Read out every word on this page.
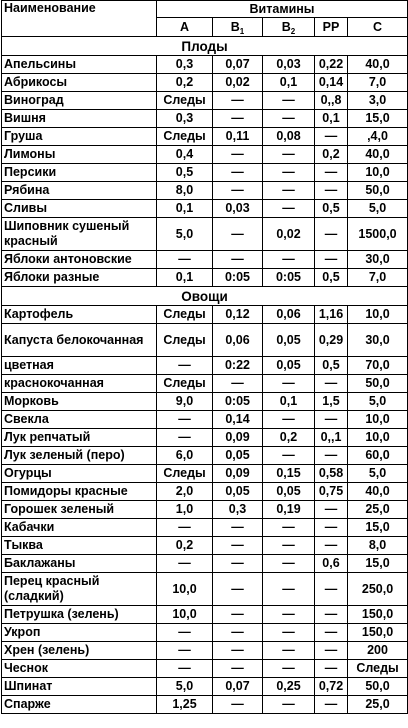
Наименование	Витамины				
	А	$В_1$	$В_2$	РР	С
Плоды					
Апельсины	0,3	0,07	0,03	0,22	40,0
Абрикосы	0,2	0,02	0,1	0,14	7,0
Виноград	Следы	—	—	0,,8	3,0
Вишня	0,3	—	—	0,1	15,0
Груша	Следы	0,11	0,08	—	,4,0
Лимоны	0,4	—	—	0,2	40,0
Персики	0,5	—	—	—	10,0
Рябина	8,0	—	—	—	50,0
Сливы	0,1	0,03	—	0,5	5,0
Шиповник сушеный красный	5,0	—	0,02	—	1500,0
Яблоки антоновские	—	—	—	—	30,0
Яблоки разные	0,1	0:05	0:05	0,5	7,0
Овощи					
Картофель	Следы	0,12	0,06	1,16	10,0
Капуста белокочанная	Следы	0,06	0,05	0,29	30,0
цветная	—	0:22	0,05	0,5	70,0
краснокочанная	Следы	—	—	—	50,0
Морковь	9,0	0:05	0,1	1,5	5,0
Свекла	—	0,14	—	—	10,0
Лук репчатый	—	0,09	0,2	0,,1	10,0
Лук зеленый (перо)	6,0	0,05	—	—	60,0
Огурцы	Следы	0,09	0,15	0,58	5,0
Помидоры красные	2,0	0,05	0,05	0,75	40,0
Горошек зеленый	1,0	0,3	0,19	—	25,0
Кабачки	—	—	—	—	15,0
Тыква	0,2	—	—	—	8,0
Баклажаны	—	—	—	0,6	15,0
Перец красный (сладкий)	10,0	—	—	—	250,0
Петрушка (зелень)	10,0	—	—	—	150,0
Укроп	—	—	—	—	150,0
Хрен (зелень)	—	—	—	—	200
Чеснок	—	—	—	—	Следы
Шпинат	5,0	0,07	0,25	0,72	50,0
Спарже	1,25	—	—	—	25,0
